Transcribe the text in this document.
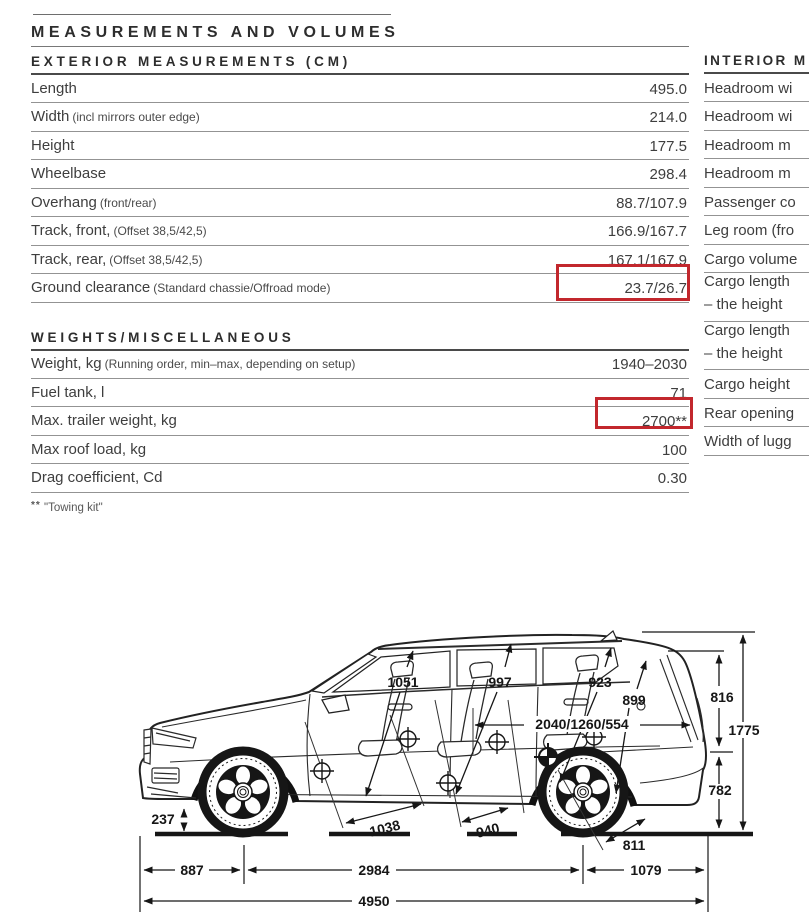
MEASUREMENTS AND VOLUMES
EXTERIOR MEASUREMENTS (CM)
Length	495.0
Width (incl mirrors outer edge)	214.0
Height	177.5
Wheelbase	298.4
Overhang (front/rear)	88.7/107.9
Track, front, (Offset 38,5/42,5)	166.9/167.7
Track, rear, (Offset 38,5/42,5)	167.1/167.9
Ground clearance (Standard chassie/Offroad mode)	23.7/26.7
WEIGHTS/MISCELLANEOUS
Weight, kg (Running order, min–max, depending on setup)	1940–2030
Fuel tank, l	71
Max. trailer weight, kg	2700**
Max roof load, kg	100
Drag coefficient, Cd	0.30
** "Towing kit"
INTERIOR M
Headroom wi
Headroom wi
Headroom m
Headroom m
Passenger co
Leg room (fro
Cargo volume
Cargo length
– the height
Cargo length
– the height
Cargo height
Rear opening
Width of lugg
1051	997	923
899
2040/1260/554
816
1775
782
237	1038	940
811
887	2984	1079
4950
